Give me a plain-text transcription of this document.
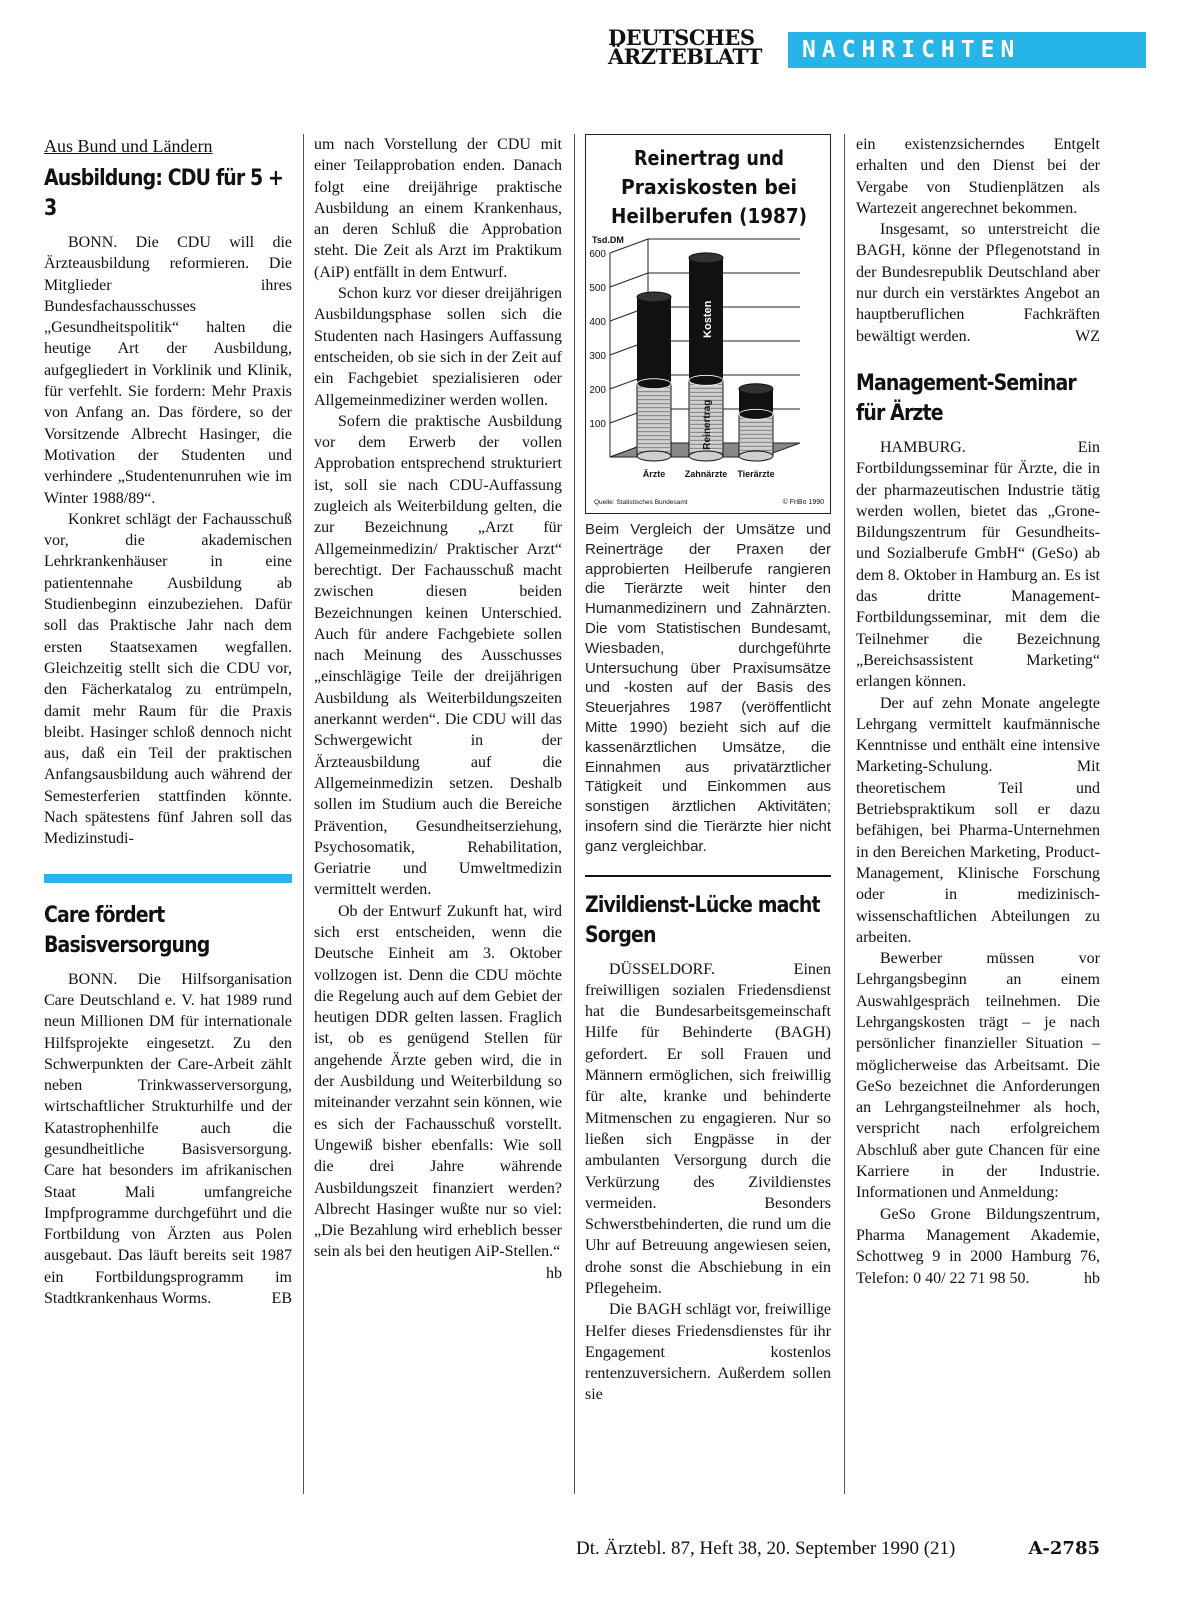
DEUTSCHES
ÄRZTEBLATT	NACHRICHTEN
Aus Bund und Ländern
Ausbildung: CDU für 5 + 3

BONN. Die CDU will die Ärzteausbildung reformieren. Die Mitglieder ihres Bundesfachausschusses „Gesundheitspolitik“ halten die heutige Art der Ausbildung, aufgegliedert in Vorklinik und Klinik, für verfehlt. Sie fordern: Mehr Praxis von Anfang an. Das fördere, so der Vorsitzende Albrecht Hasinger, die Motivation der Studenten und verhindere „Studentenunruhen wie im Winter 1988/89“.

Konkret schlägt der Fachausschuß vor, die akademischen Lehrkrankenhäuser in eine patientennahe Ausbildung ab Studienbeginn einzubeziehen. Dafür soll das Praktische Jahr nach dem ersten Staatsexamen wegfallen. Gleichzeitig stellt sich die CDU vor, den Fächerkatalog zu entrümpeln, damit mehr Raum für die Praxis bleibt. Hasinger schloß dennoch nicht aus, daß ein Teil der praktischen Anfangsausbildung auch während der Semesterferien stattfinden könnte. Nach spätestens fünf Jahren soll das Medizinstudi-

Care fördert Basisversorgung

BONN. Die Hilfsorganisation Care Deutschland e. V. hat 1989 rund neun Millionen DM für internationale Hilfsprojekte eingesetzt. Zu den Schwerpunkten der Care-Arbeit zählt neben Trinkwasserversorgung, wirtschaftlicher Strukturhilfe und der Katastrophenhilfe auch die gesundheitliche Basisversorgung. Care hat besonders im afrikanischen Staat Mali umfangreiche Impfprogramme durchgeführt und die Fortbildung von Ärzten aus Polen ausgebaut. Das läuft bereits seit 1987 ein Fortbildungsprogramm im Stadtkrankenhaus Worms.	EB

um nach Vorstellung der CDU mit einer Teilapprobation enden. Danach folgt eine dreijährige praktische Ausbildung an einem Krankenhaus, an deren Schluß die Approbation steht. Die Zeit als Arzt im Praktikum (AiP) entfällt in dem Entwurf.

Schon kurz vor dieser dreijährigen Ausbildungsphase sollen sich die Studenten nach Hasingers Auffassung entscheiden, ob sie sich in der Zeit auf ein Fachgebiet spezialisieren oder Allgemeinmediziner werden wollen.

Sofern die praktische Ausbildung vor dem Erwerb der vollen Approbation entsprechend strukturiert ist, soll sie nach CDU-Auffassung zugleich als Weiterbildung gelten, die zur Bezeichnung „Arzt für Allgemeinmedizin/ Praktischer Arzt“ berechtigt. Der Fachausschuß macht zwischen diesen beiden Bezeichnungen keinen Unterschied. Auch für andere Fachgebiete sollen nach Meinung des Ausschusses „einschlägige Teile der dreijährigen Ausbildung als Weiterbildungszeiten anerkannt werden“. Die CDU will das Schwergewicht in der Ärzteausbildung auf die Allgemeinmedizin setzen. Deshalb sollen im Studium auch die Bereiche Prävention, Gesundheitserziehung, Psychosomatik, Rehabilitation, Geriatrie und Umweltmedizin vermittelt werden.

Ob der Entwurf Zukunft hat, wird sich erst entscheiden, wenn die Deutsche Einheit am 3. Oktober vollzogen ist. Denn die CDU möchte die Regelung auch auf dem Gebiet der heutigen DDR gelten lassen. Fraglich ist, ob es genügend Stellen für angehende Ärzte geben wird, die in der Ausbildung und Weiterbildung so miteinander verzahnt sein können, wie es sich der Fachausschuß vorstellt. Ungewiß bisher ebenfalls: Wie soll die drei Jahre währende Ausbildungszeit finanziert werden? Albrecht Hasinger wußte nur so viel: „Die Bezahlung wird erheblich besser sein als bei den heutigen AiP-Stellen.“
hb

Reinertrag und Praxiskosten bei Heilberufen (1987)
Tsd.DM
100
200
300
400
500
600
Ärzte Zahnärzte Tierärzte
Kosten
Reinertrag
Quelle: Statistisches Bundesamt	© FriBo 1990
Beim Vergleich der Umsätze und Reinerträge der Praxen der approbierten Heilberufe rangieren die Tierärzte weit hinter den Humanmedizinern und Zahnärzten. Die vom Statistischen Bundesamt, Wiesbaden, durchgeführte Untersuchung über Praxisumsätze und -kosten auf der Basis des Steuerjahres 1987 (veröffentlicht Mitte 1990) bezieht sich auf die kassenärztlichen Umsätze, die Einnahmen aus privatärztlicher Tätigkeit und Einkommen aus sonstigen ärztlichen Aktivitäten; insofern sind die Tierärzte hier nicht ganz vergleichbar.
Zivildienst-Lücke macht Sorgen

DÜSSELDORF. Einen freiwilligen sozialen Friedensdienst hat die Bundesarbeitsgemeinschaft Hilfe für Behinderte (BAGH) gefordert. Er soll Frauen und Männern ermöglichen, sich freiwillig für alte, kranke und behinderte Mitmenschen zu engagieren. Nur so ließen sich Engpässe in der ambulanten Versorgung durch die Verkürzung des Zivildienstes vermeiden. Besonders Schwerstbehinderten, die rund um die Uhr auf Betreuung angewiesen seien, drohe sonst die Abschiebung in ein Pflegeheim.

Die BAGH schlägt vor, freiwillige Helfer dieses Friedensdienstes für ihr Engagement kostenlos rentenzuversichern. Außerdem sollen sie

ein existenzsicherndes Entgelt erhalten und den Dienst bei der Vergabe von Studienplätzen als Wartezeit angerechnet bekommen.

Insgesamt, so unterstreicht die BAGH, könne der Pflegenotstand in der Bundesrepublik Deutschland aber nur durch ein verstärktes Angebot an hauptberuflichen Fachkräften bewältigt werden.	WZ

Management-Seminar für Ärzte

HAMBURG. Ein Fortbildungsseminar für Ärzte, die in der pharmazeutischen Industrie tätig werden wollen, bietet das „Grone-Bildungszentrum für Gesundheits- und Sozialberufe GmbH“ (GeSo) ab dem 8. Oktober in Hamburg an. Es ist das dritte Management-Fortbildungsseminar, mit dem die Teilnehmer die Bezeichnung „Bereichsassistent Marketing“ erlangen können.

Der auf zehn Monate angelegte Lehrgang vermittelt kaufmännische Kenntnisse und enthält eine intensive Marketing-Schulung. Mit theoretischem Teil und Betriebspraktikum soll er dazu befähigen, bei Pharma-Unternehmen in den Bereichen Marketing, Product-Management, Klinische Forschung oder in medizinisch-wissenschaftlichen Abteilungen zu arbeiten.

Bewerber müssen vor Lehrgangsbeginn an einem Auswahlgespräch teilnehmen. Die Lehrgangskosten trägt – je nach persönlicher finanzieller Situation – möglicherweise das Arbeitsamt. Die GeSo bezeichnet die Anforderungen an Lehrgangsteilnehmer als hoch, verspricht nach erfolgreichem Abschluß aber gute Chancen für eine Karriere in der Industrie. Informationen und Anmeldung:

GeSo Grone Bildungszentrum, Pharma Management Akademie, Schottweg 9 in 2000 Hamburg 76, Telefon: 0 40/ 22 71 98 50.	hb

Dt. Ärztebl. 87, Heft 38, 20. September 1990 (21)	A-2785
